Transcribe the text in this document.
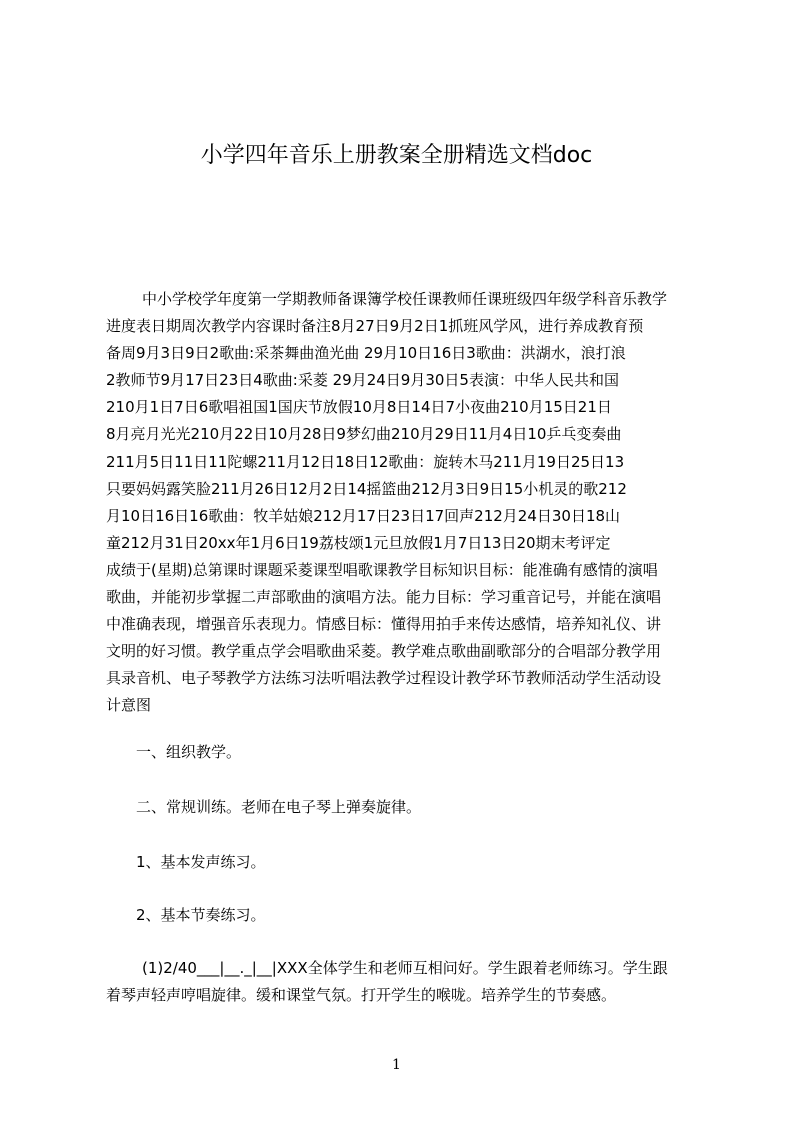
小学四年音乐上册教案全册精选文档doc
中小学校学年度第一学期教师备课簿学校任课教师任课班级四年级学科音乐教学
进度表日期周次教学内容课时备注8月27日9月2日1抓班风学风，进行养成教育预
备周9月3日9日2歌曲:采茶舞曲渔光曲 29月10日16日3歌曲：洪湖水，浪打浪
2教师节9月17日23日4歌曲:采菱 29月24日9月30日5表演：中华人民共和国
210月1日7日6歌唱祖国1国庆节放假10月8日14日7小夜曲210月15日21日
8月亮月光光210月22日10月28日9梦幻曲210月29日11月4日10乒乓变奏曲
211月5日11日11陀螺211月12日18日12歌曲：旋转木马211月19日25日13
只要妈妈露笑脸211月26日12月2日14摇篮曲212月3日9日15小机灵的歌212
月10日16日16歌曲：牧羊姑娘212月17日23日17回声212月24日30日18山
童212月31日20xx年1月6日19荔枝颂1元旦放假1月7日13日20期末考评定
成绩于(星期)总第课时课题采菱课型唱歌课教学目标知识目标：能准确有感情的演唱
歌曲，并能初步掌握二声部歌曲的演唱方法。能力目标：学习重音记号，并能在演唱
中准确表现，增强音乐表现力。情感目标：懂得用拍手来传达感情，培养知礼仪、讲
文明的好习惯。教学重点学会唱歌曲采菱。教学难点歌曲副歌部分的合唱部分教学用
具录音机、电子琴教学方法练习法听唱法教学过程设计教学环节教师活动学生活动设
计意图

一、组织教学。

二、常规训练。老师在电子琴上弹奏旋律。

1、基本发声练习。

2、基本节奏练习。

(1)2/40___|__._|__|XXX全体学生和老师互相问好。学生跟着老师练习。学生跟
着琴声轻声哼唱旋律。缓和课堂气氛。打开学生的喉咙。培养学生的节奏感。
1
